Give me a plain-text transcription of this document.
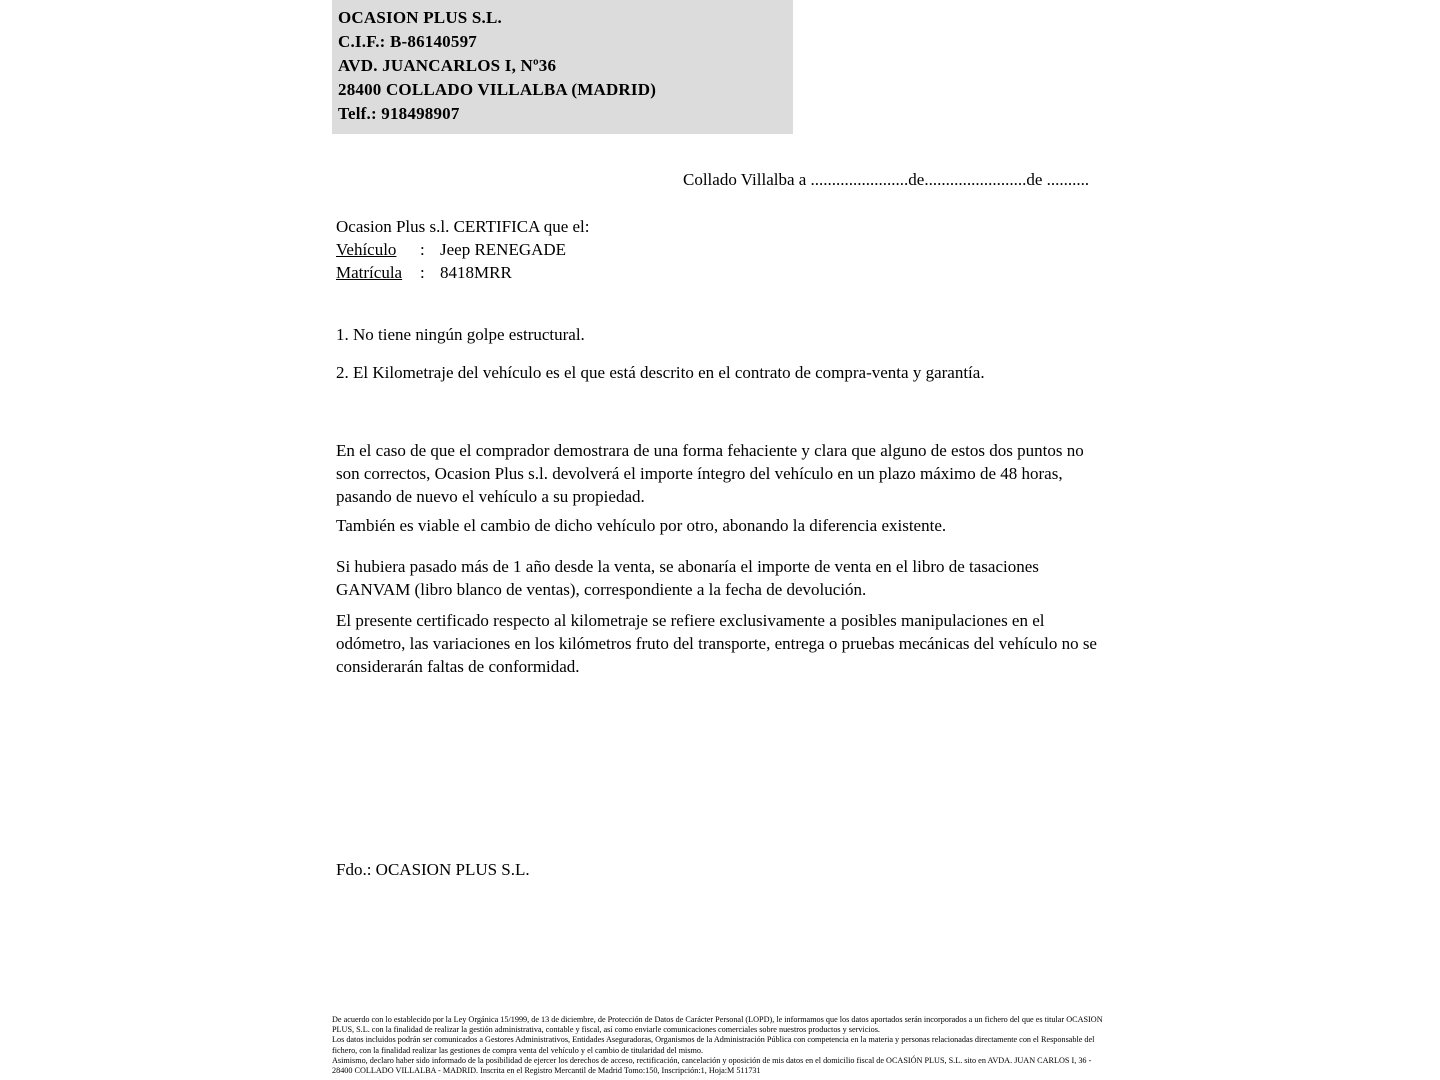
OCASION PLUS S.L.
C.I.F.: B-86140597
AVD. JUANCARLOS I, Nº36
28400 COLLADO VILLALBA (MADRID)
Telf.: 918498907
Collado Villalba a .......................de........................de ..........
Ocasion Plus s.l. CERTIFICA que el:
Vehículo	: Jeep RENEGADE
Matrícula	: 8418MRR
1. No tiene ningún golpe estructural.
2. El Kilometraje del vehículo es el que está descrito en el contrato de compra-venta y garantía.
En el caso de que el comprador demostrara de una forma fehaciente y clara que alguno de estos dos puntos no son correctos, Ocasion Plus s.l. devolverá el importe íntegro del vehículo en un plazo máximo de 48 horas, pasando de nuevo el vehículo a su propiedad.
También es viable el cambio de dicho vehículo por otro, abonando la diferencia existente.
Si hubiera pasado más de 1 año desde la venta, se abonaría el importe de venta en el libro de tasaciones GANVAM (libro blanco de ventas), correspondiente a la fecha de devolución.
El presente certificado respecto al kilometraje se refiere exclusivamente a posibles manipulaciones en el odómetro, las variaciones en los kilómetros fruto del transporte, entrega o pruebas mecánicas del vehículo no se considerarán faltas de conformidad.
Fdo.: OCASION PLUS S.L.

De acuerdo con lo establecido por la Ley Orgánica 15/1999, de 13 de diciembre, de Protección de Datos de Carácter Personal (LOPD), le informamos que los datos aportados serán incorporados a un fichero del que es titular OCASION PLUS, S.L. con la finalidad de realizar la gestión administrativa, contable y fiscal, así como enviarle comunicaciones comerciales sobre nuestros productos y servicios.

Los datos incluidos podrán ser comunicados a Gestores Administrativos, Entidades Aseguradoras, Organismos de la Administración Pública con competencia en la materia y personas relacionadas directamente con el Responsable del fichero, con la finalidad realizar las gestiones de compra venta del vehículo y el cambio de titularidad del mismo.

Asimismo, declaro haber sido informado de la posibilidad de ejercer los derechos de acceso, rectificación, cancelación y oposición de mis datos en el domicilio fiscal de OCASIÓN PLUS, S.L. sito en AVDA. JUAN CARLOS I, 36 - 28400 COLLADO VILLALBA - MADRID. Inscrita en el Registro Mercantil de Madrid Tomo:150, Inscripción:1, Hoja:M 511731
